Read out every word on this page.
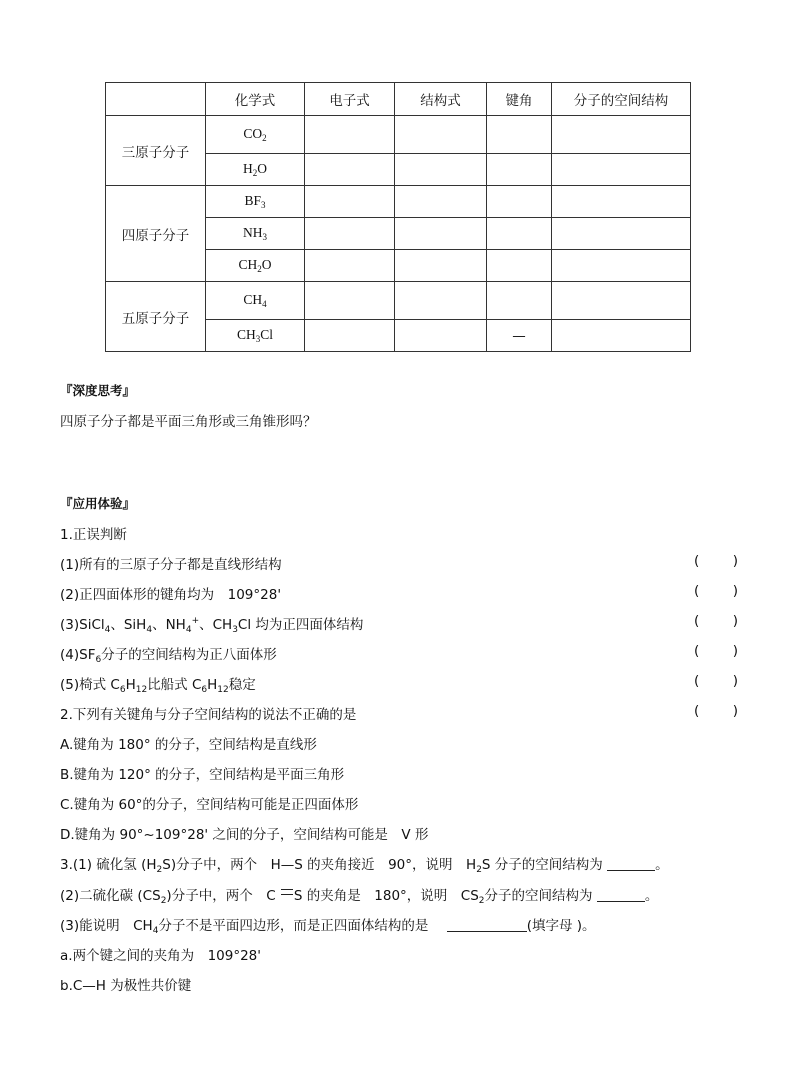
	化学式	电子式	结构式	键角	分子的空间结构
三原子分子	$CO_2$				
	$H_2O$				
四原子分子	$BF_3$				
	$NH_3$				
	$CH_2O$				
五原子分子	$CH_4$				
	$CH_3Cl$			—	
『深度思考』
四原子分子都是平面三角形或三角锥形吗？
『应用体验』
1.正误判断
(1)所有的三原子分子都是直线形结构	( )
(2)正四面体形的键角均为　109°28'	( )
(3)SiCl$_4$、SiH$_4$、$NH_4^+$、$CH_3Cl$ 均为正四面体结构	( )
$(4)SF_6$分子的空间结构为正八面体形	( )
(5)椅式 $C_6H_{12}$比船式 $C_6H_{12}$稳定	( )
2.下列有关键角与分子空间结构的说法不正确的是	( )
A.键角为 180° 的分子，空间结构是直线形
B.键角为 120° 的分子，空间结构是平面三角形
C.键角为 60°的分子，空间结构可能是正四面体形
D.键角为 90°~109°28' 之间的分子，空间结构可能是　V 形
3.(1) 硫化氢 $(H_2S)$分子中，两个　H—S 的夹角接近　90°，说明　$H_2S$ 分子的空间结构为	。
(2)二硫化碳 $(CS_2)$分子中，两个　C S 的夹角是　180°，说明　$CS_2$分子的空间结构为	。
(3)能说明　$CH_4$分子不是平面四边形，而是正四面体结构的是	(填字母 )。
a.两个键之间的夹角为　109°28'
b.C—H 为极性共价键
